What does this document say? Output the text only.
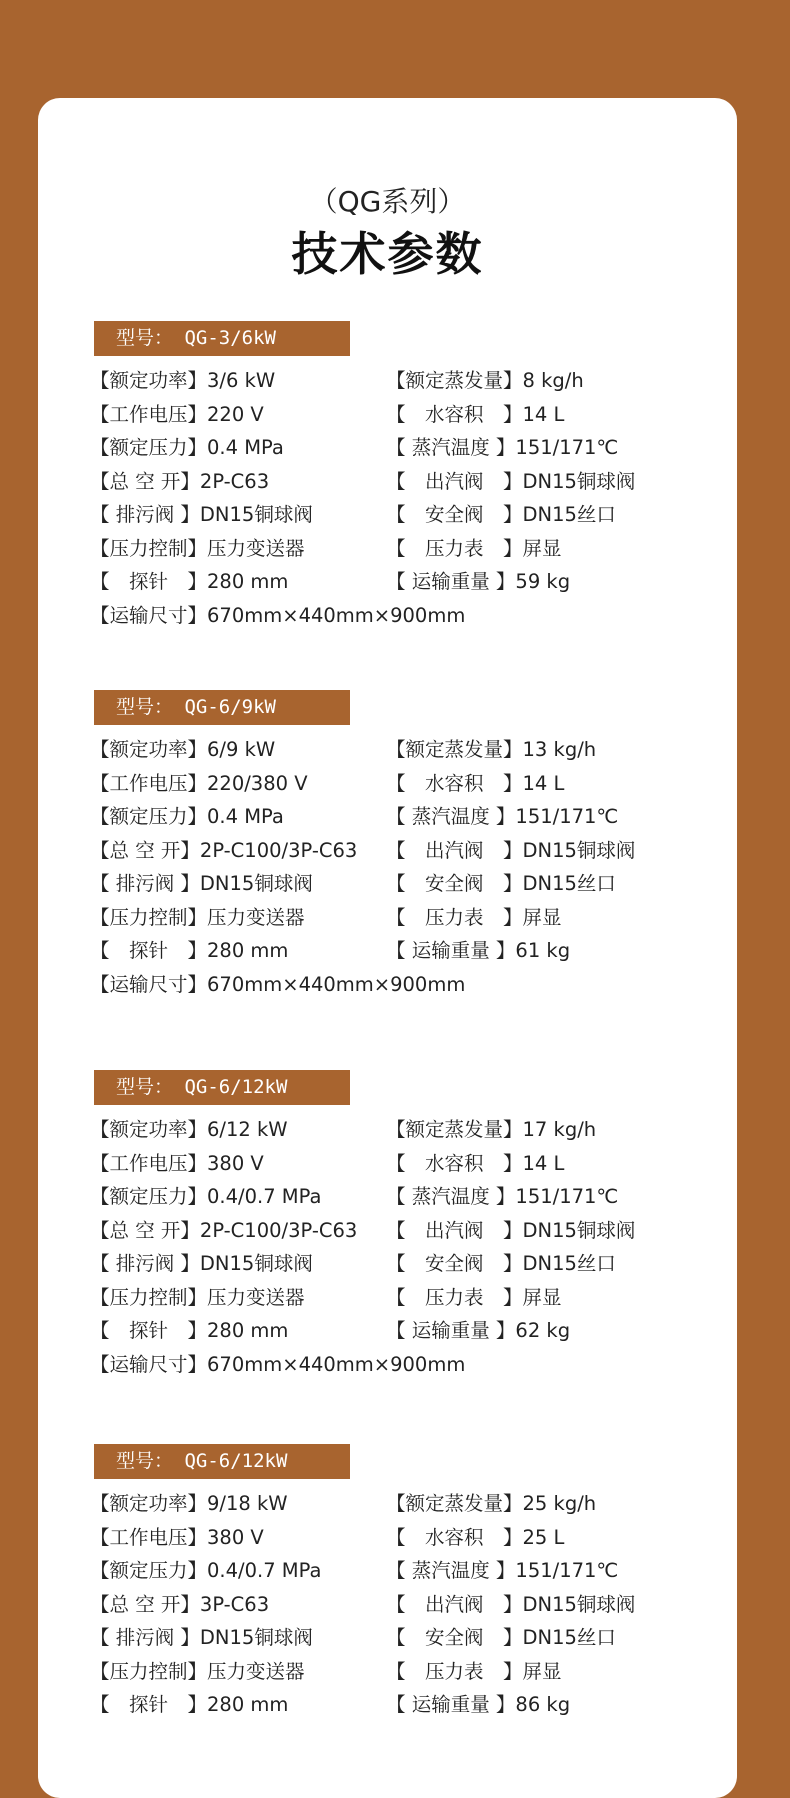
（QG系列）
技术参数
型号： QG-3/6kW
【额定功率】3/6 kW	【额定蒸发量】8 kg/h
【工作电压】220 V	【　水容积　】14 L
【额定压力】0.4 MPa	【 蒸汽温度 】151/171℃
【总 空 开】2P-C63	【　出汽阀　】DN15铜球阀
【 排污阀 】DN15铜球阀	【　安全阀　】DN15丝口
【压力控制】压力变送器	【　压力表　】屏显
【　探针　】280 mm	【 运输重量 】59 kg
【运输尺寸】670mm×440mm×900mm
型号： QG-6/9kW
【额定功率】6/9 kW	【额定蒸发量】13 kg/h
【工作电压】220/380 V	【　水容积　】14 L
【额定压力】0.4 MPa	【 蒸汽温度 】151/171℃
【总 空 开】2P-C100/3P-C63 【　出汽阀　】DN15铜球阀
【 排污阀 】DN15铜球阀	【　安全阀　】DN15丝口
【压力控制】压力变送器	【　压力表　】屏显
【　探针　】280 mm	【 运输重量 】61 kg
【运输尺寸】670mm×440mm×900mm
型号： QG-6/12kW
【额定功率】6/12 kW	【额定蒸发量】17 kg/h
【工作电压】380 V	【　水容积　】14 L
【额定压力】0.4/0.7 MPa	【 蒸汽温度 】151/171℃
【总 空 开】2P-C100/3P-C63 【　出汽阀　】DN15铜球阀
【 排污阀 】DN15铜球阀	【　安全阀　】DN15丝口
【压力控制】压力变送器	【　压力表　】屏显
【　探针　】280 mm	【 运输重量 】62 kg
【运输尺寸】670mm×440mm×900mm
型号： QG-6/12kW
【额定功率】9/18 kW	【额定蒸发量】25 kg/h
【工作电压】380 V	【　水容积　】25 L
【额定压力】0.4/0.7 MPa	【 蒸汽温度 】151/171℃
【总 空 开】3P-C63	【　出汽阀　】DN15铜球阀
【 排污阀 】DN15铜球阀	【　安全阀　】DN15丝口
【压力控制】压力变送器	【　压力表　】屏显
【　探针　】280 mm	【 运输重量 】86 kg
